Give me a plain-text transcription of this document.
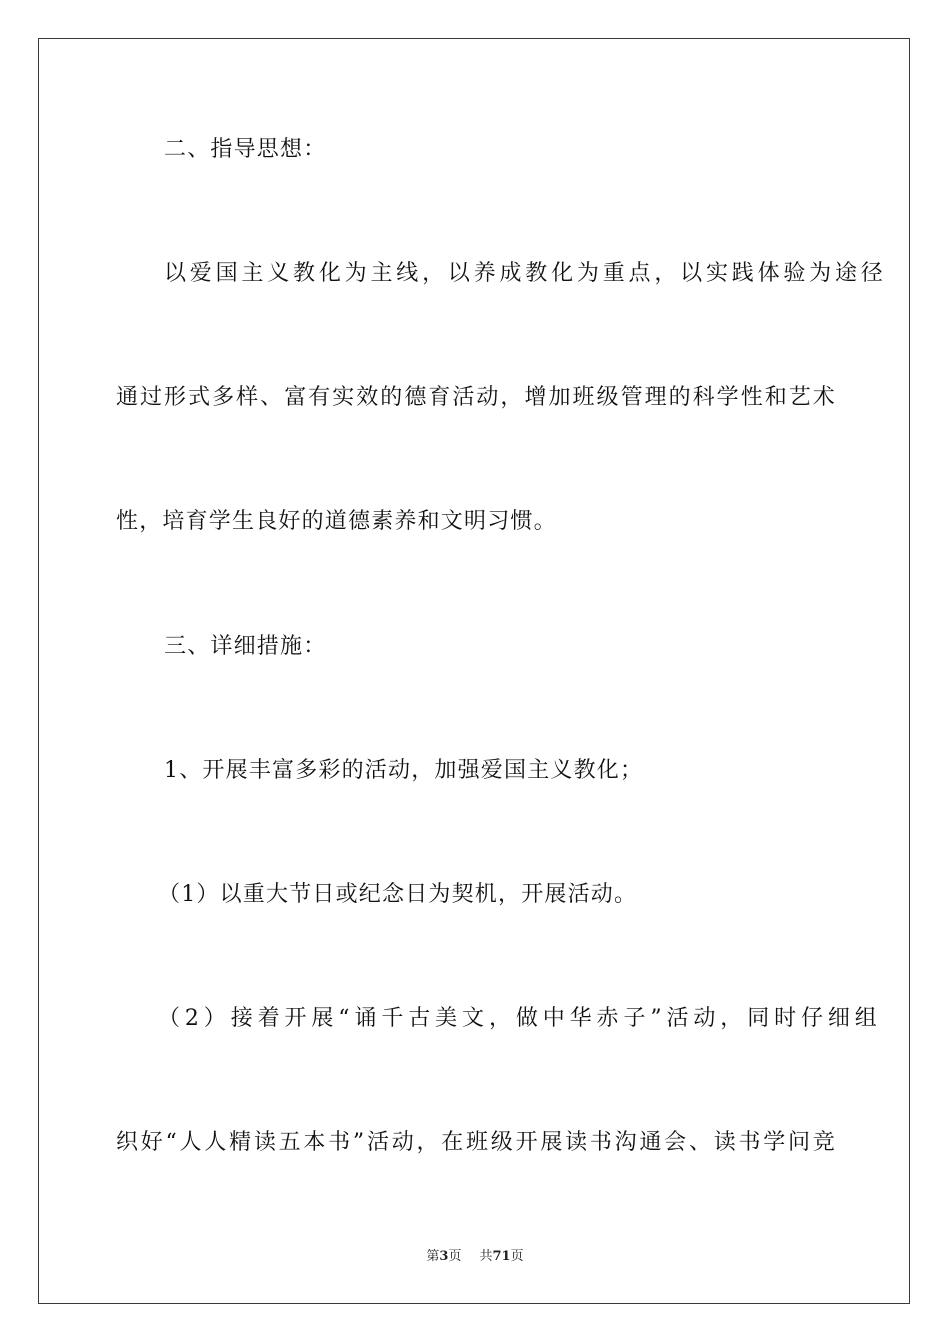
二、指导思想：
以爱国主义教化为主线，以养成教化为重点，以实践体验为途径
通过形式多样、富有实效的德育活动，增加班级管理的科学性和艺术
性，培育学生良好的道德素养和文明习惯。
三、详细措施：
1、开展丰富多彩的活动，加强爱国主义教化；
（1）以重大节日或纪念日为契机，开展活动。
（2）接着开展“诵千古美文，做中华赤子”活动，同时仔细组
织好“人人精读五本书”活动，在班级开展读书沟通会、读书学问竞
第3页 共71页
